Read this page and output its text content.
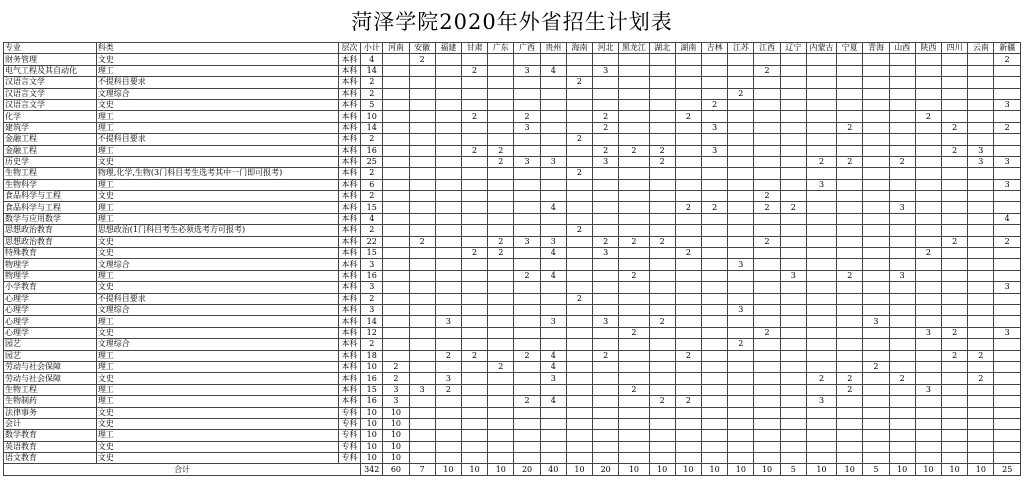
菏泽学院2020年外省招生计划表
专业	科类	层次	小计	河南	安徽	福建	甘肃	广东	广西	贵州	海南	河北	黑龙江	湖北	湖南	吉林	江苏	江西	辽宁	内蒙古	宁夏	青海	山西	陕西	四川	云南	新疆
财务管理	文史	本科	4		2																						2
电气工程及其自动化	理工	本科	14				2		3	4		3						2									
汉语言文学	不提科目要求	本科	2								2																
汉语言文学	文理综合	本科	2														2										
汉语言文学	文史	本科	5													2											3
化学	理工	本科	10				2		2			2			2									2			
建筑学	理工	本科	14						3			2				3					2				2		2
金融工程	不提科目要求	本科	2								2																
金融工程	理工	本科	16				2	2				2	2	2		3									2	3	
历史学	文史	本科	25					2	3	3		3		2						2	2		2			3	3
生物工程	物理,化学,生物(3门科目考生选考其中一门即可报考)	本科	2								2																
生物科学	理工	本科	6																	3							3
食品科学与工程	文史	本科	2															2									
食品科学与工程	理工	本科	15							4					2	2		2	2				3				
数学与应用数学	理工	本科	4																								4
思想政治教育	思想政治(1门科目考生必须选考方可报考)	本科	2								2																
思想政治教育	文史	本科	22		2			2	3	3		2	2	2				2							2		2
特殊教育	文史	本科	15				2	2		4		3			2									2			
物理学	文理综合	本科	3														3										
物理学	理工	本科	16						2	4			2						3		2		3				
小学教育	文史	本科	3																								3
心理学	不提科目要求	本科	2								2																
心理学	文理综合	本科	3														3										
心理学	理工	本科	14			3				3		3		2								3					
心理学	文史	本科	12										2					2						3	2		3
园艺	文理综合	本科	2														2										
园艺	理工	本科	18			2	2		2	4		2			2										2	2	
劳动与社会保障	理工	本科	10	2				2		4												2					
劳动与社会保障	文史	本科	16	2		3				3										2	2		2			2	
生物工程	理工	本科	15	3	3	2							2								2			3			
生物制药	理工	本科	16	3					2	4				2	2					3							
法律事务	文史	专科	10	10																							
会计	文史	专科	10	10																							
数学教育	理工	专科	10	10																							
英语教育	文史	专科	10	10																							
语文教育	文史	专科	10	10																							
合计			342	60	7	10	10	10	20	40	10	20	10	10	10	10	10	10	5	10	10	5	10	10	10	10	25
